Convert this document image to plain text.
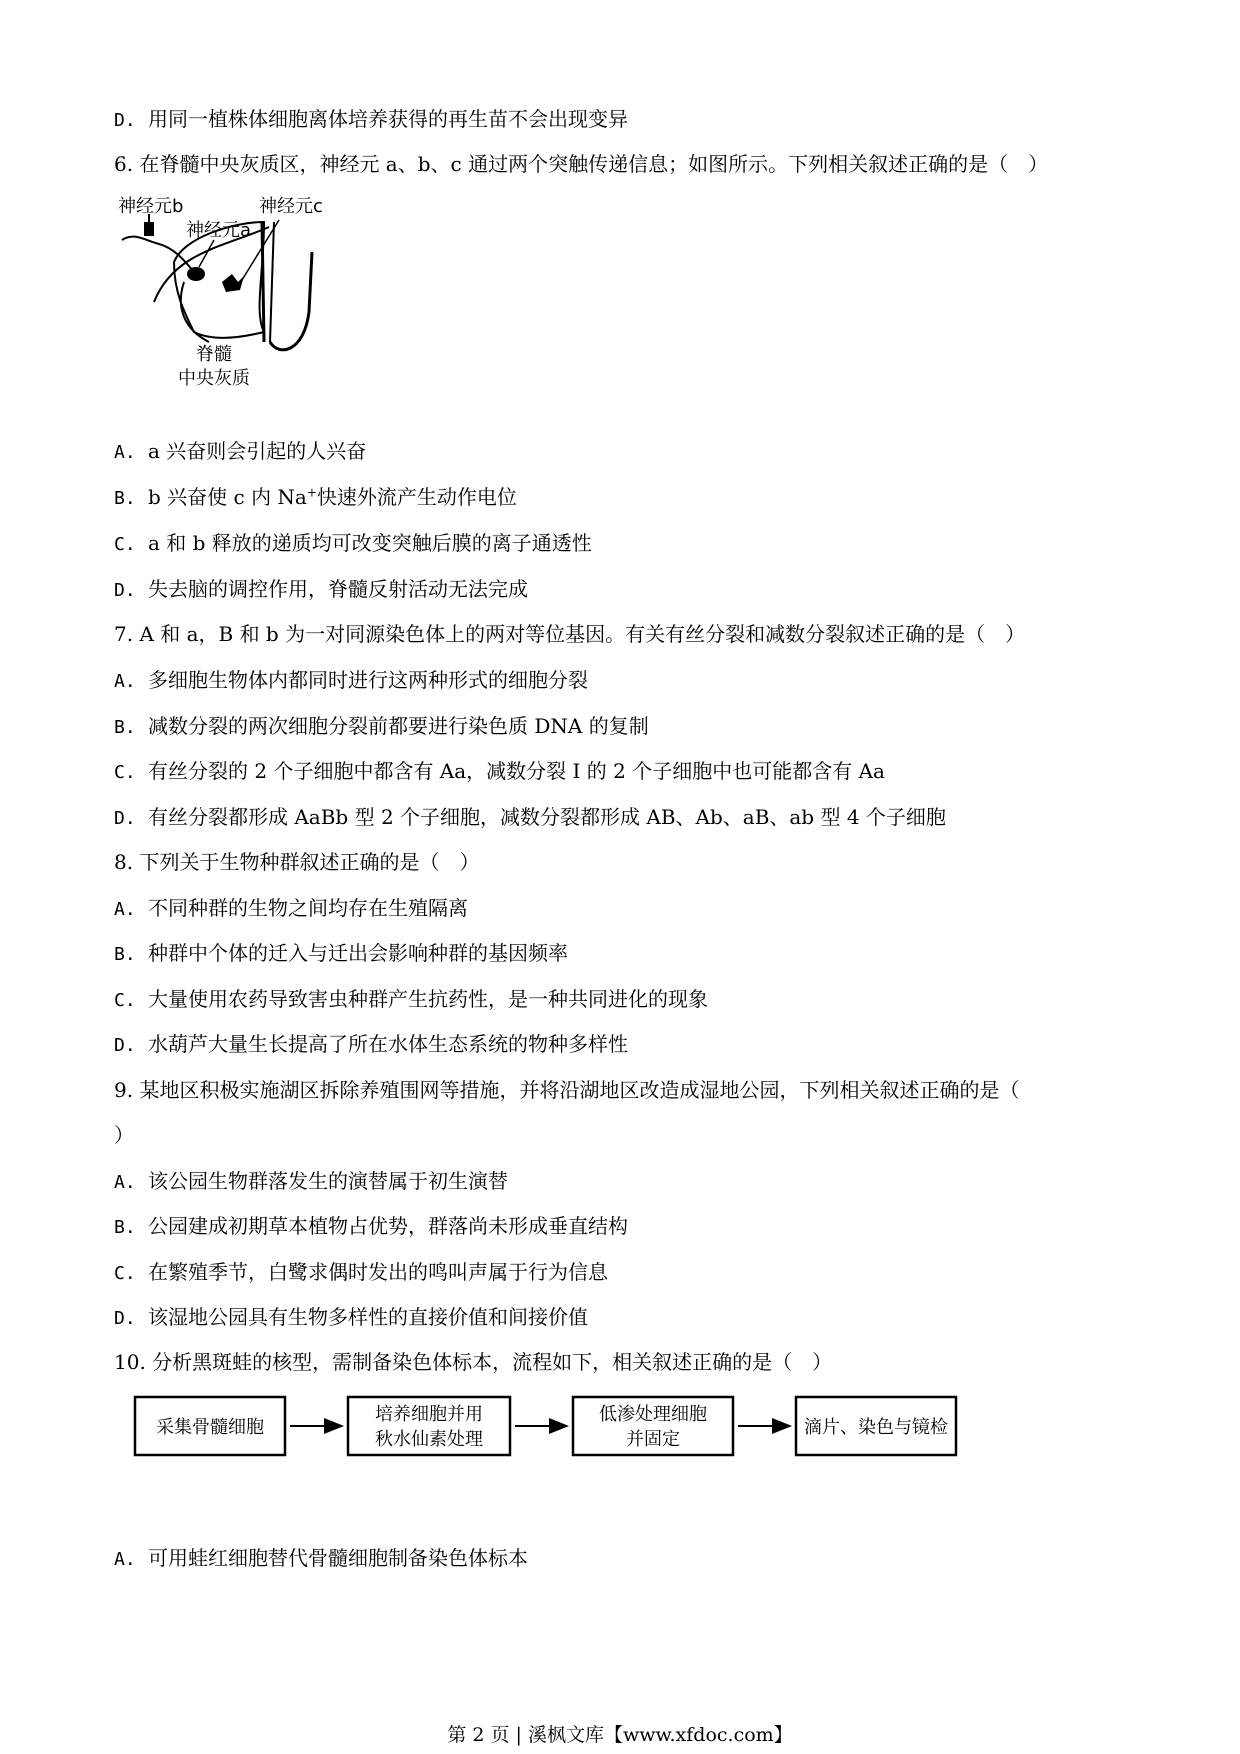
D. 用同一植株体细胞离体培养获得的再生苗不会出现变异
6. 在脊髓中央灰质区，神经元 a、b、c 通过两个突触传递信息；如图所示。下列相关叙述正确的是（　）
神经元b
神经元a
神经元c
脊髓
中央灰质
A. a 兴奋则会引起的人兴奋
B. b 兴奋使 c 内 Na+快速外流产生动作电位
C. a 和 b 释放的递质均可改变突触后膜的离子通透性
D. 失去脑的调控作用，脊髓反射活动无法完成
7. A 和 a，B 和 b 为一对同源染色体上的两对等位基因。有关有丝分裂和减数分裂叙述正确的是（　）
A. 多细胞生物体内都同时进行这两种形式的细胞分裂
B. 减数分裂的两次细胞分裂前都要进行染色质 DNA 的复制
C. 有丝分裂的 2 个子细胞中都含有 Aa，减数分裂 Ⅰ 的 2 个子细胞中也可能都含有 Aa
D. 有丝分裂都形成 AaBb 型 2 个子细胞，减数分裂都形成 AB、Ab、aB、ab 型 4 个子细胞
8. 下列关于生物种群叙述正确的是（　）
A. 不同种群的生物之间均存在生殖隔离
B. 种群中个体的迁入与迁出会影响种群的基因频率
C. 大量使用农药导致害虫种群产生抗药性，是一种共同进化的现象
D. 水葫芦大量生长提高了所在水体生态系统的物种多样性
9. 某地区积极实施湖区拆除养殖围网等措施，并将沿湖地区改造成湿地公园，下列相关叙述正确的是（
）
A. 该公园生物群落发生的演替属于初生演替
B. 公园建成初期草本植物占优势，群落尚未形成垂直结构
C. 在繁殖季节，白鹭求偶时发出的鸣叫声属于行为信息
D. 该湿地公园具有生物多样性的直接价值和间接价值
10. 分析黑斑蛙的核型，需制备染色体标本，流程如下，相关叙述正确的是（　）
采集骨髓细胞
培养细胞并用
秋水仙素处理
低渗处理细胞
并固定
滴片、染色与镜检
A. 可用蛙红细胞替代骨髓细胞制备染色体标本
第 2 页 | 溪枫文库【www.xfdoc.com】
